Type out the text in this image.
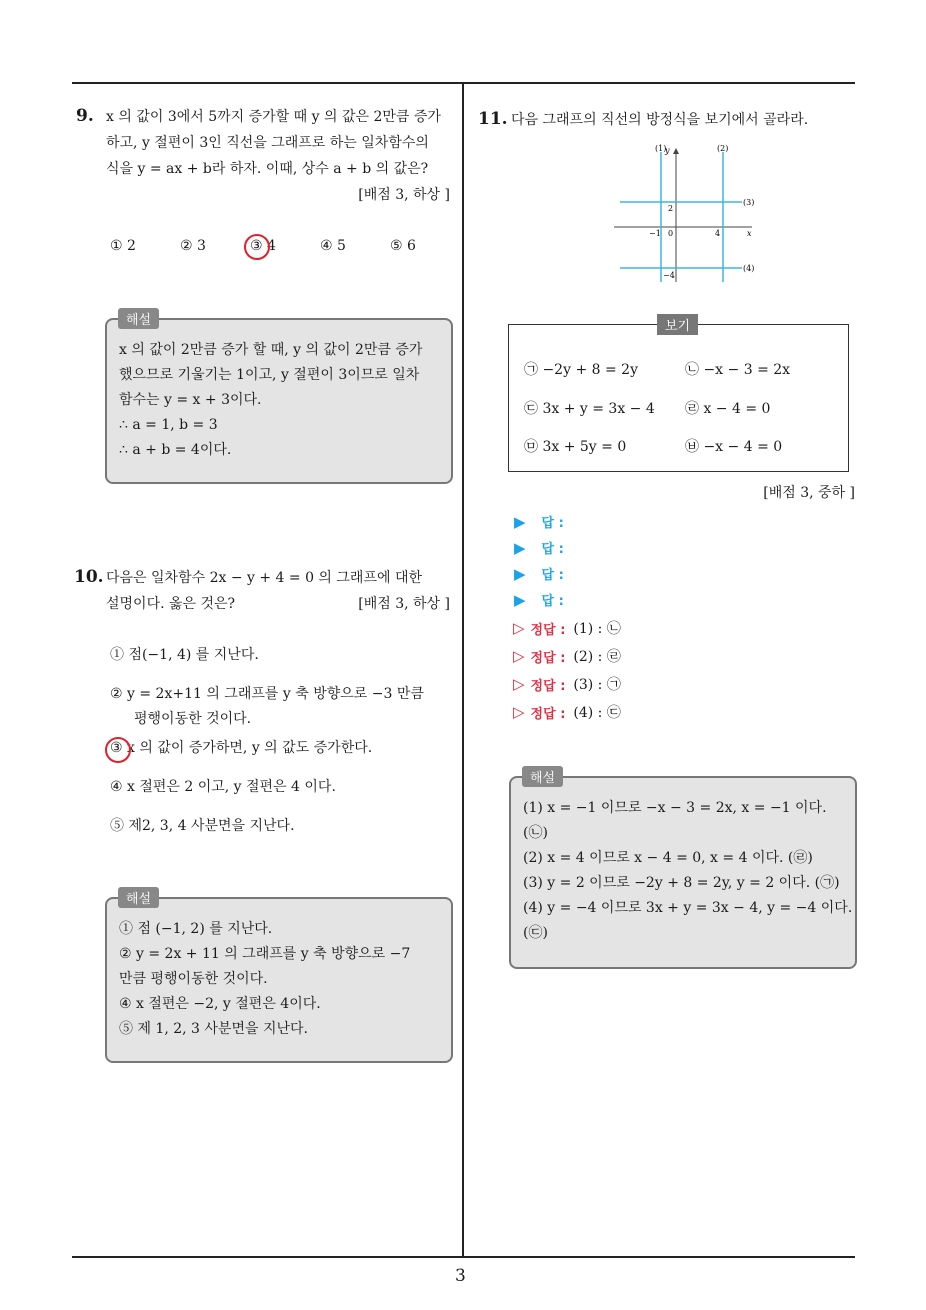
3
9. x 의 값이 3에서 5까지 증가할 때 y 의 값은 2만큼 증가
하고, y 절편이 3인 직선을 그래프로 하는 일차함수의
식을 y = ax + b라 하자. 이때, 상수 a + b 의 값은?
[배점 3, 하상 ]
① 2	② 3	③ 4	④ 5	⑤ 6
x 의 값이 2만큼 증가 할 때, y 의 값이 2만큼 증가
했으므로 기울기는 1이고, y 절편이 3이므로 일차
함수는 y = x + 3이다.
∴ a = 1, b = 3
∴ a + b = 4이다.
해설
10. 다음은 일차함수 2x − y + 4 = 0 의 그래프에 대한
설명이다. 옳은 것은?	[배점 3, 하상 ]
① 점(−1, 4) 를 지난다.
② y = 2x+11 의 그래프를 y 축 방향으로 −3 만큼
평행이동한 것이다.
③ x 의 값이 증가하면, y 의 값도 증가한다.
④ x 절편은 2 이고, y 절편은 4 이다.
⑤ 제2, 3, 4 사분면을 지난다.
① 점 (−1, 2) 를 지난다.
② y = 2x + 11 의 그래프를 y 축 방향으로 −7
만큼 평행이동한 것이다.
④ x 절편은 −2, y 절편은 4이다.
⑤ 제 1, 2, 3 사분면을 지난다.
해설
11. 다음 그래프의 직선의 방정식을 보기에서 골라라.
(1)
y	(2)
(3)
(4)
2
−1 0	4	x
−4
보기
㉠ −2y + 8 = 2y	㉡ −x − 3 = 2x
㉢ 3x + y = 3x − 4 ㉣ x − 4 = 0
㉤ 3x + 5y = 0	㉥ −x − 4 = 0
[배점 3, 중하 ]
▶ 답 :
▶ 답 :
▶ 답 :
▶ 답 :
▷ 정답 : (1) : ㉡
▷ 정답 : (2) : ㉣
▷ 정답 : (3) : ㉠
▷ 정답 : (4) : ㉢
(1) x = −1 이므로 −x − 3 = 2x, x = −1 이다.
(㉡)
(2) x = 4 이므로 x − 4 = 0, x = 4 이다. (㉣)
(3) y = 2 이므로 −2y + 8 = 2y, y = 2 이다. (㉠)
(4) y = −4 이므로 3x + y = 3x − 4, y = −4 이다.
(㉢)
해설
